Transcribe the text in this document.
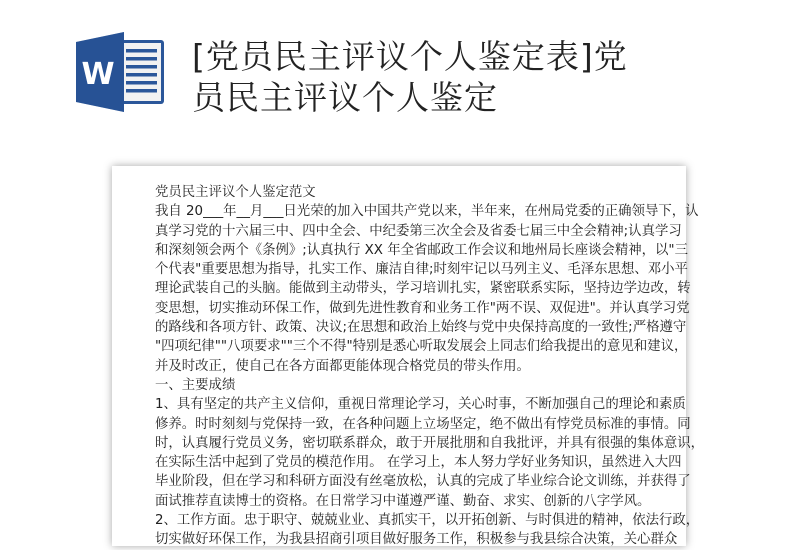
W [党员民主评议个人鉴定表]党
员民主评议个人鉴定
党员民主评议个人鉴定范文
我自 20___年__月___日光荣的加入中国共产党以来，半年来，在州局党委的正确领导下，认
真学习党的十六届三中、四中全会、中纪委第三次全会及省委七届三中全会精神;认真学习
和深刻领会两个《条例》;认真执行 XX 年全省邮政工作会议和地州局长座谈会精神，以"三
个代表"重要思想为指导，扎实工作、廉洁自律;时刻牢记以马列主义、毛泽东思想、邓小平
理论武装自己的头脑。能做到主动带头，学习培训扎实，紧密联系实际，坚持边学边改，转
变思想，切实推动环保工作，做到先进性教育和业务工作"两不误、双促进"。并认真学习党
的路线和各项方针、政策、决议;在思想和政治上始终与党中央保持高度的一致性;严格遵守
"四项纪律""八项要求""三个不得"特别是悉心听取发展会上同志们给我提出的意见和建议，
并及时改正，使自己在各方面都更能体现合格党员的带头作用。
一、主要成绩
1、具有坚定的共产主义信仰，重视日常理论学习，关心时事，不断加强自己的理论和素质
修养。时时刻刻与党保持一致，在各种问题上立场坚定，绝不做出有悖党员标准的事情。同
时，认真履行党员义务，密切联系群众，敢于开展批朋和自我批评，并具有很强的集体意识，
在实际生活中起到了党员的模范作用。 在学习上，本人努力学好业务知识，虽然进入大四
毕业阶段，但在学习和科研方面没有丝毫放松，认真的完成了毕业综合论文训练，并获得了
面试推荐直读博士的资格。在日常学习中谨遵严谨、勤奋、求实、创新的八字学风。
2、工作方面。忠于职守、兢兢业业、真抓实干，以开拓创新、与时俱进的精神，依法行政，
切实做好环保工作，为我县招商引项目做好服务工作，积极参与我县综合决策，关心群众
